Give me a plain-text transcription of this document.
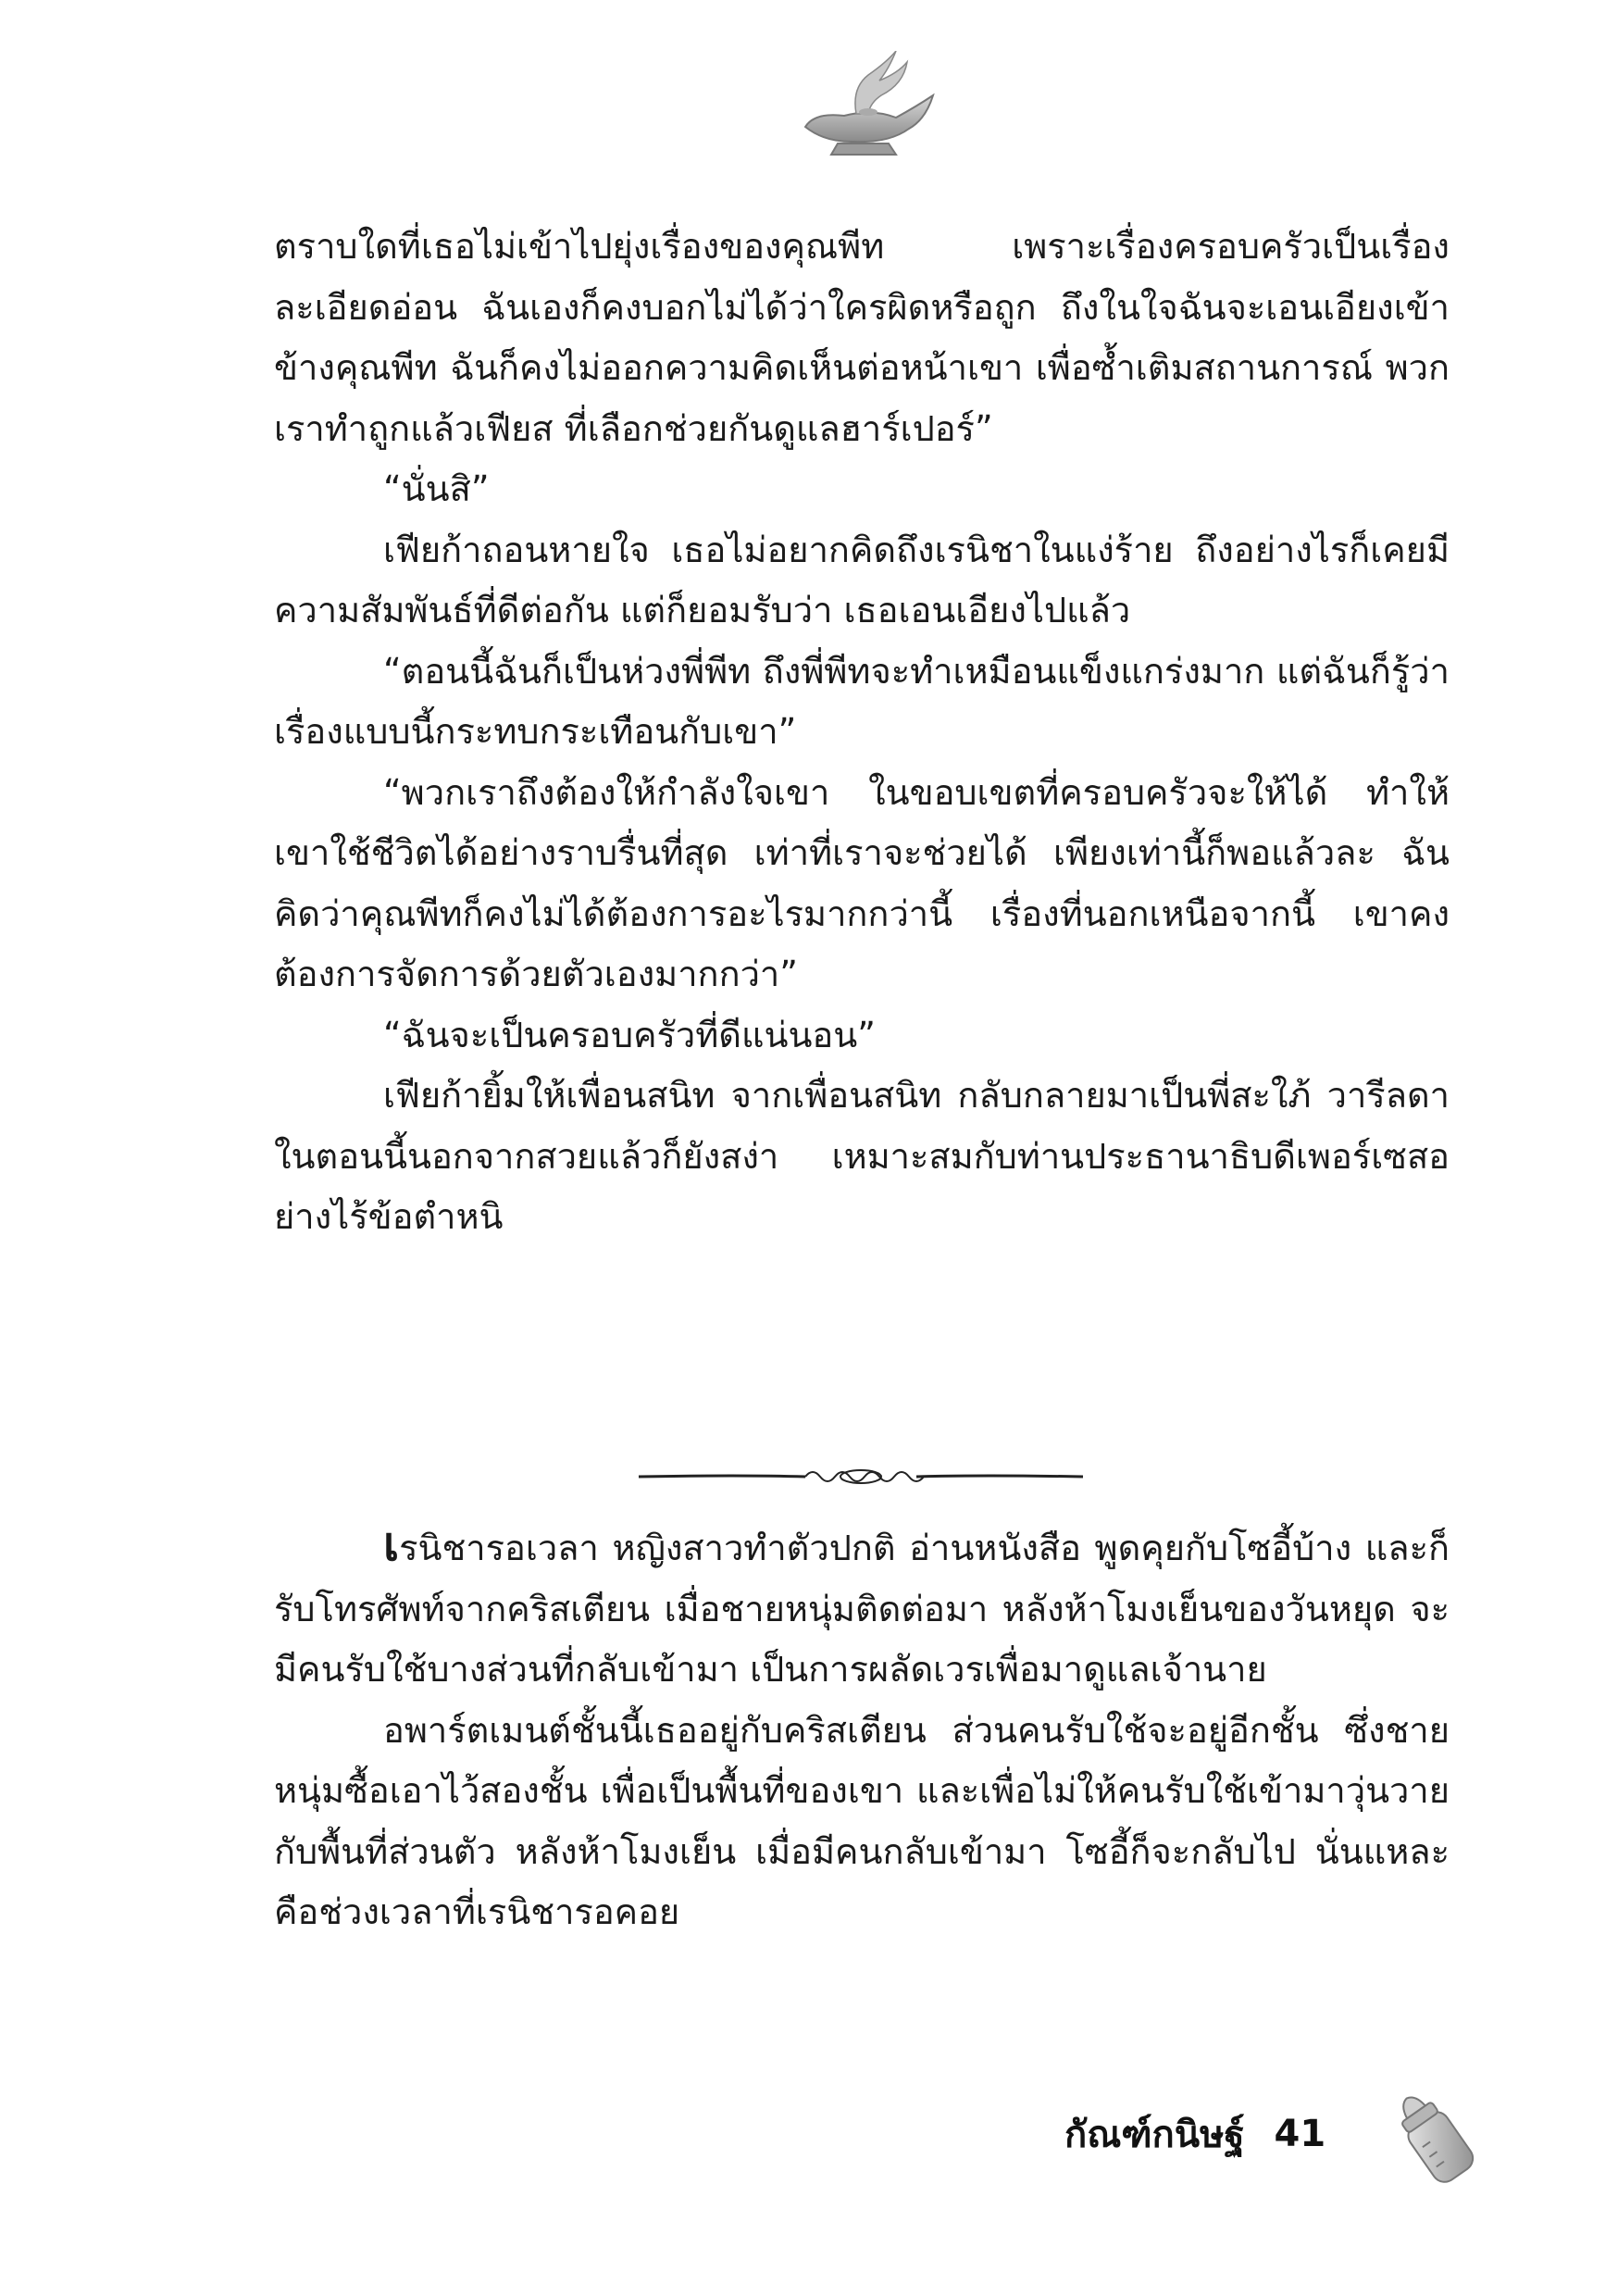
ตราบใดที่เธอไม่เข้าไปยุ่งเรื่องของคุณพีท เพราะเรื่องครอบครัวเป็นเรื่องละเอียดอ่อน ฉันเองก็คงบอกไม่ได้ว่าใครผิดหรือถูก ถึงในใจฉันจะเอนเอียงเข้าข้างคุณพีท ฉันก็คงไม่ออกความคิดเห็นต่อหน้าเขา เพื่อซ้ำเติมสถานการณ์ พวกเราทำถูกแล้วเฟียส ที่เลือกช่วยกันดูแลฮาร์เปอร์”

“นั่นสิ”

เฟียก้าถอนหายใจ เธอไม่อยากคิดถึงเรนิชาในแง่ร้าย ถึงอย่างไรก็เคยมีความสัมพันธ์ที่ดีต่อกัน แต่ก็ยอมรับว่า เธอเอนเอียงไปแล้ว

“ตอนนี้ฉันก็เป็นห่วงพี่พีท ถึงพี่พีทจะทำเหมือนแข็งแกร่งมาก แต่ฉันก็รู้ว่าเรื่องแบบนี้กระทบกระเทือนกับเขา”

“พวกเราถึงต้องให้กำลังใจเขา ในขอบเขตที่ครอบครัวจะให้ได้ ทำให้เขาใช้ชีวิตได้อย่างราบรื่นที่สุด เท่าที่เราจะช่วยได้ เพียงเท่านี้ก็พอแล้วละ ฉันคิดว่าคุณพีทก็คงไม่ได้ต้องการอะไรมากกว่านี้ เรื่องที่นอกเหนือจากนี้ เขาคงต้องการจัดการด้วยตัวเองมากกว่า”

“ฉันจะเป็นครอบครัวที่ดีแน่นอน”

เฟียก้ายิ้มให้เพื่อนสนิท จากเพื่อนสนิท กลับกลายมาเป็นพี่สะใภ้ วารีลดาในตอนนี้นอกจากสวยแล้วก็ยังสง่า เหมาะสมกับท่านประธานาธิบดีเพอร์เซสอย่างไร้ข้อตำหนิ

เรนิชารอเวลา หญิงสาวทำตัวปกติ อ่านหนังสือ พูดคุยกับโซอี้บ้าง และก็รับโทรศัพท์จากคริสเตียน เมื่อชายหนุ่มติดต่อมา หลังห้าโมงเย็นของวันหยุด จะมีคนรับใช้บางส่วนที่กลับเข้ามา เป็นการผลัดเวรเพื่อมาดูแลเจ้านาย

อพาร์ตเมนต์ชั้นนี้เธออยู่กับคริสเตียน ส่วนคนรับใช้จะอยู่อีกชั้น ซึ่งชายหนุ่มซื้อเอาไว้สองชั้น เพื่อเป็นพื้นที่ของเขา และเพื่อไม่ให้คนรับใช้เข้ามาวุ่นวายกับพื้นที่ส่วนตัว หลังห้าโมงเย็น เมื่อมีคนกลับเข้ามา โซอี้ก็จะกลับไป นั่นแหละคือช่วงเวลาที่เรนิชารอคอย

กัณฑ์กนิษฐ์ 41
